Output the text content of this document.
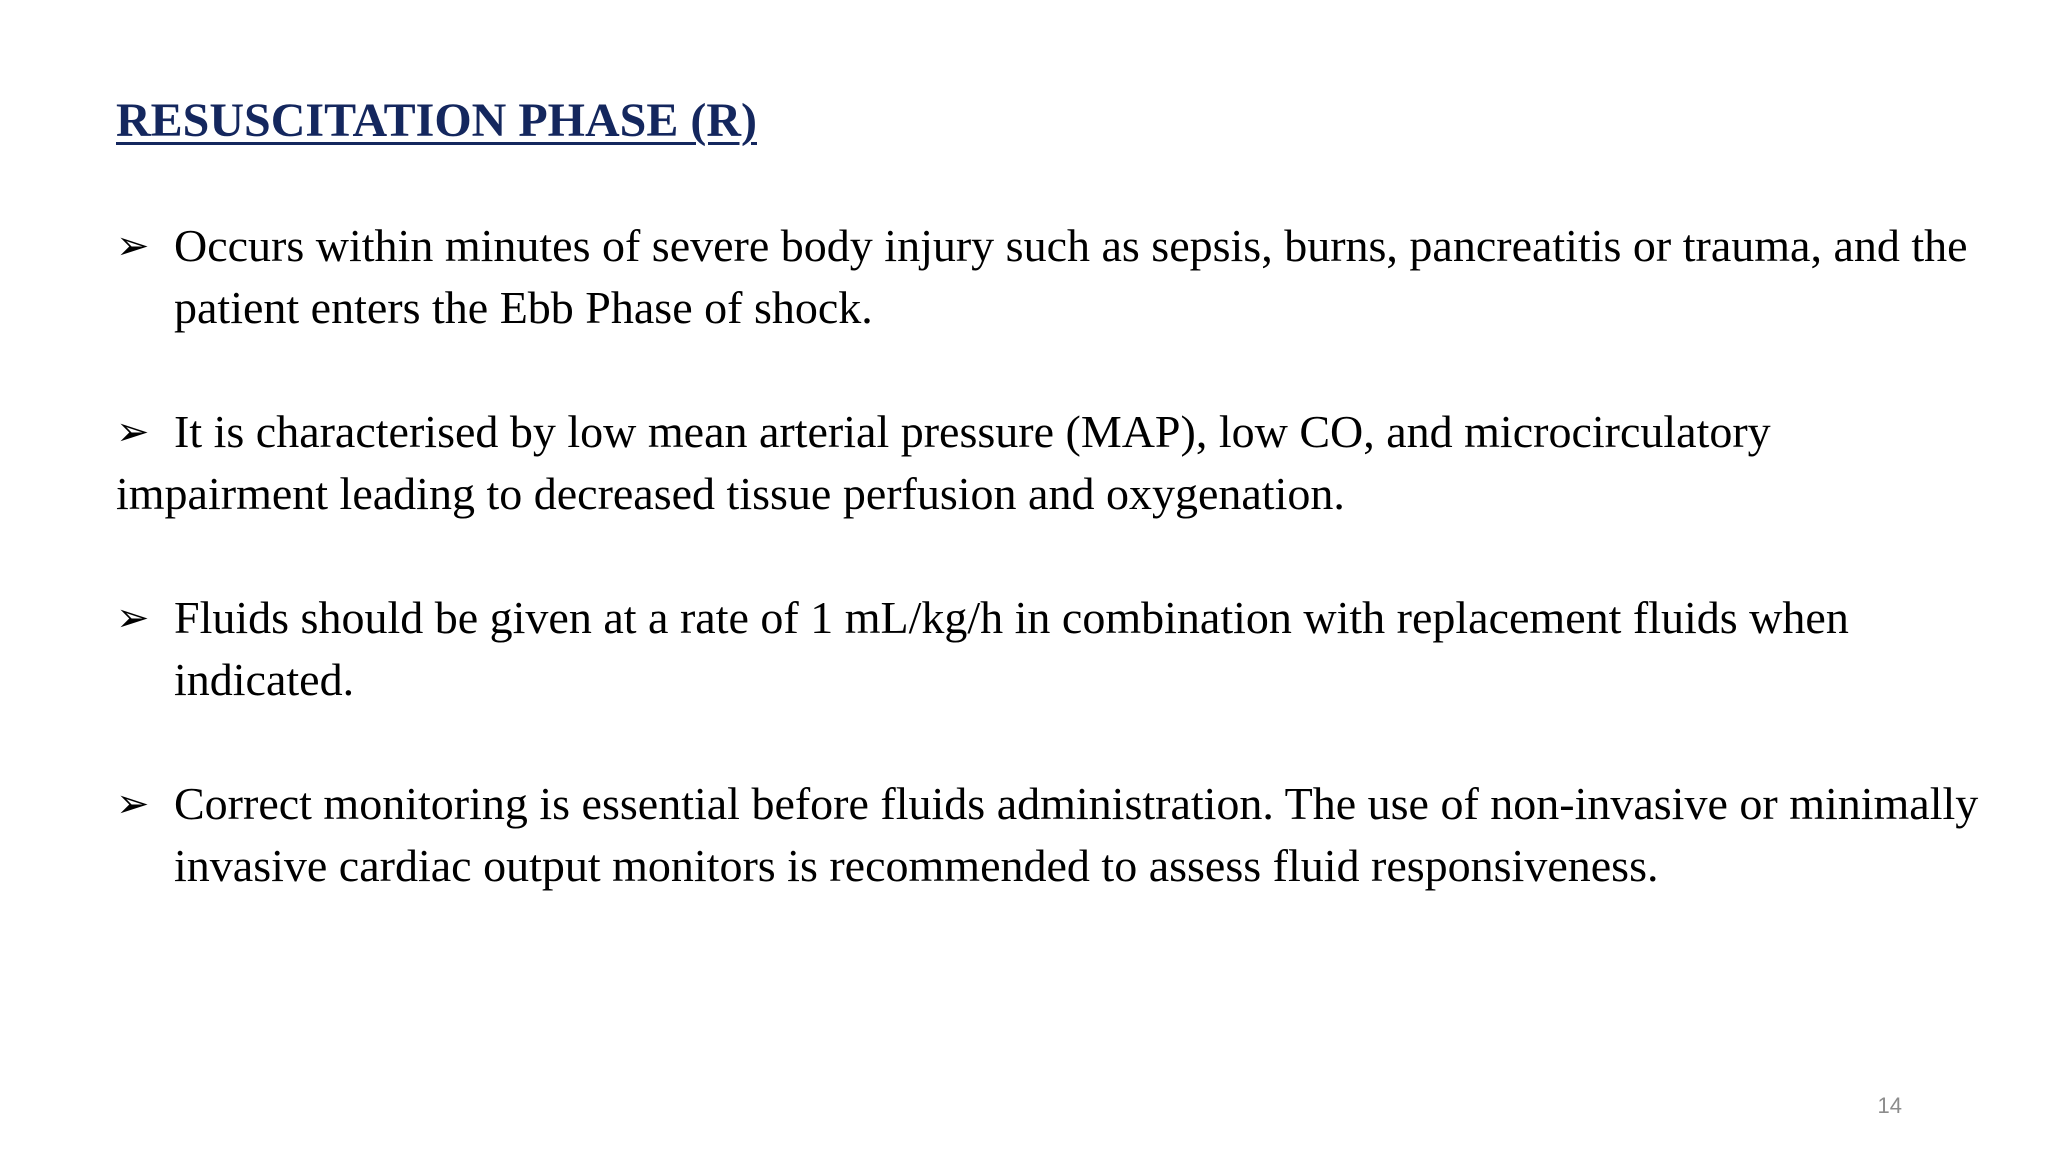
RESUSCITATION PHASE (R)

➢ Occurs within minutes of severe body injury such as sepsis, burns, pancreatitis or trauma, and the patient enters the Ebb Phase of shock.

➢ It is characterised by low mean arterial pressure (MAP), low CO, and microcirculatory impairment leading to decreased tissue perfusion and oxygenation.

➢ Fluids should be given at a rate of 1 mL/kg/h in combination with replacement fluids when indicated.

➢ Correct monitoring is essential before fluids administration. The use of non-invasive or minimally invasive cardiac output monitors is recommended to assess fluid responsiveness.

14
